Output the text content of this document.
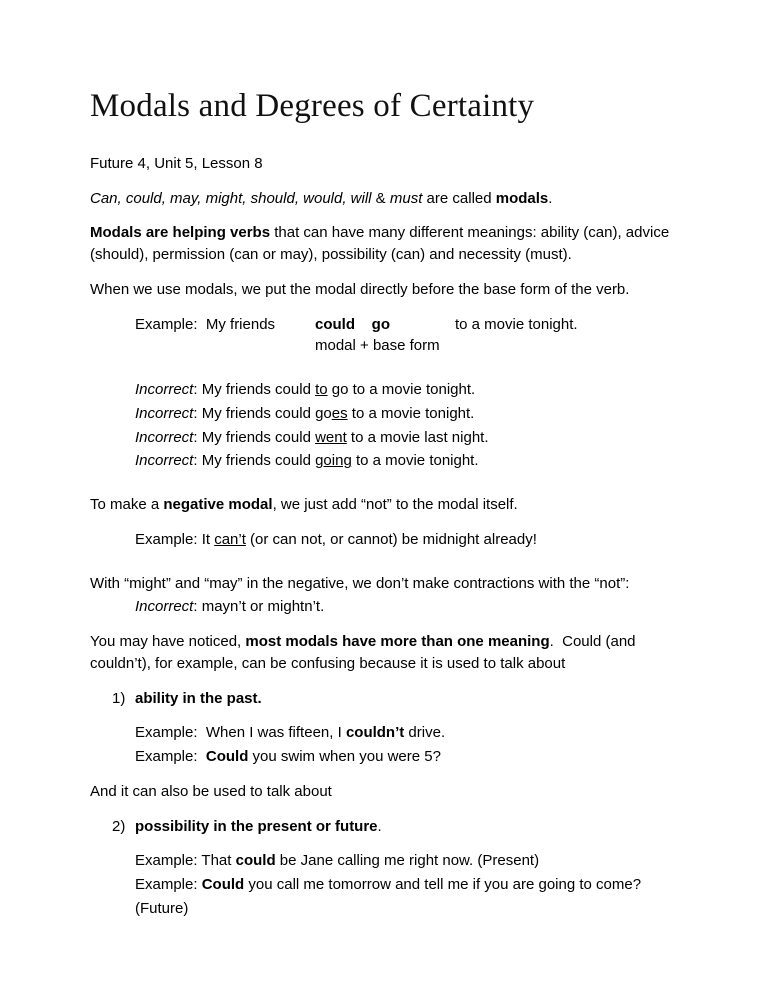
Modals and Degrees of Certainty
Future 4, Unit 5, Lesson 8
Can, could, may, might, should, would, will & must are called modals.
Modals are helping verbs that can have many different meanings: ability (can), advice (should), permission (can or may), possibility (can) and necessity (must).
When we use modals, we put the modal directly before the base form of the verb.
Example:  My friends	could    go	to a movie tonight.
modal + base form
Incorrect: My friends could to go to a movie tonight.
Incorrect: My friends could goes to a movie tonight.
Incorrect: My friends could went to a movie last night.
Incorrect: My friends could going to a movie tonight.
To make a negative modal, we just add “not” to the modal itself.
Example: It can’t (or can not, or cannot) be midnight already!
With “might” and “may” in the negative, we don’t make contractions with the “not”:
Incorrect: mayn’t or mightn’t.
You may have noticed, most modals have more than one meaning.  Could (and couldn’t), for example, can be confusing because it is used to talk about
1) ability in the past.
Example:  When I was fifteen, I couldn’t drive.
Example:  Could you swim when you were 5?
And it can also be used to talk about
2) possibility in the present or future.
Example: That could be Jane calling me right now. (Present)
Example: Could you call me tomorrow and tell me if you are going to come?
(Future)
